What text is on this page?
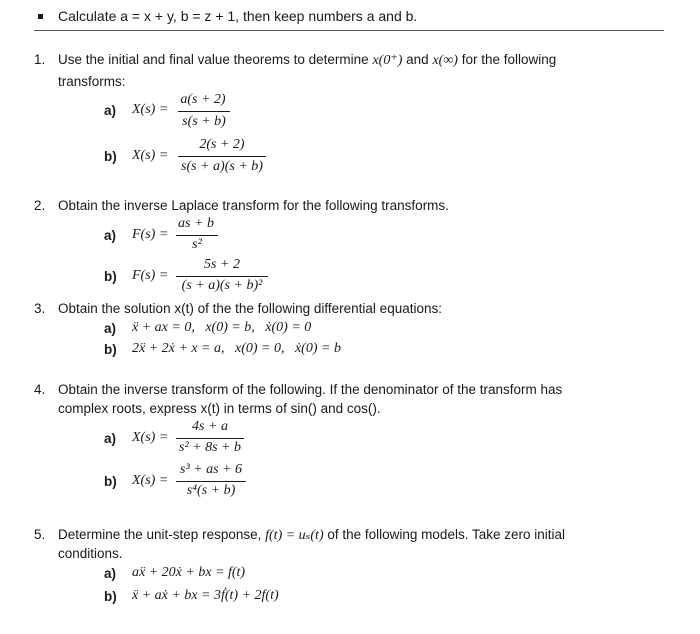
Calculate a = x + y, b = z + 1, then keep numbers a and b.
1. Use the initial and final value theorems to determine x(0⁺) and x(∞) for the following
transforms:
a) X(s) =
a(s + 2)
s(s + b)
b) X(s) =
2(s + 2)
s(s + a)(s + b)
2. Obtain the inverse Laplace transform for the following transforms.
a) F(s) =
as + b
s²
b) F(s) =
5s + 2
(s + a)(s + b)²
3. Obtain the solution x(t) of the the following differential equations:
a) ẍ + ax = 0,   x(0) = b,   ẋ(0) = 0
b) 2ẍ + 2ẋ + x = a,   x(0) = 0,   ẋ(0) = b
4. Obtain the inverse transform of the following. If the denominator of the transform has
complex roots, express x(t) in terms of sin() and cos().
a) X(s) =
4s + a
s² + 8s + b
b) X(s) =
s³ + as + 6
s⁴(s + b)
5. Determine the unit-step response, f(t) = uₛ(t) of the following models. Take zero initial
conditions.
a) aẍ + 20ẋ + bx = f(t)
b) ẍ + aẋ + bx = 3ḟ(t) + 2f(t)
